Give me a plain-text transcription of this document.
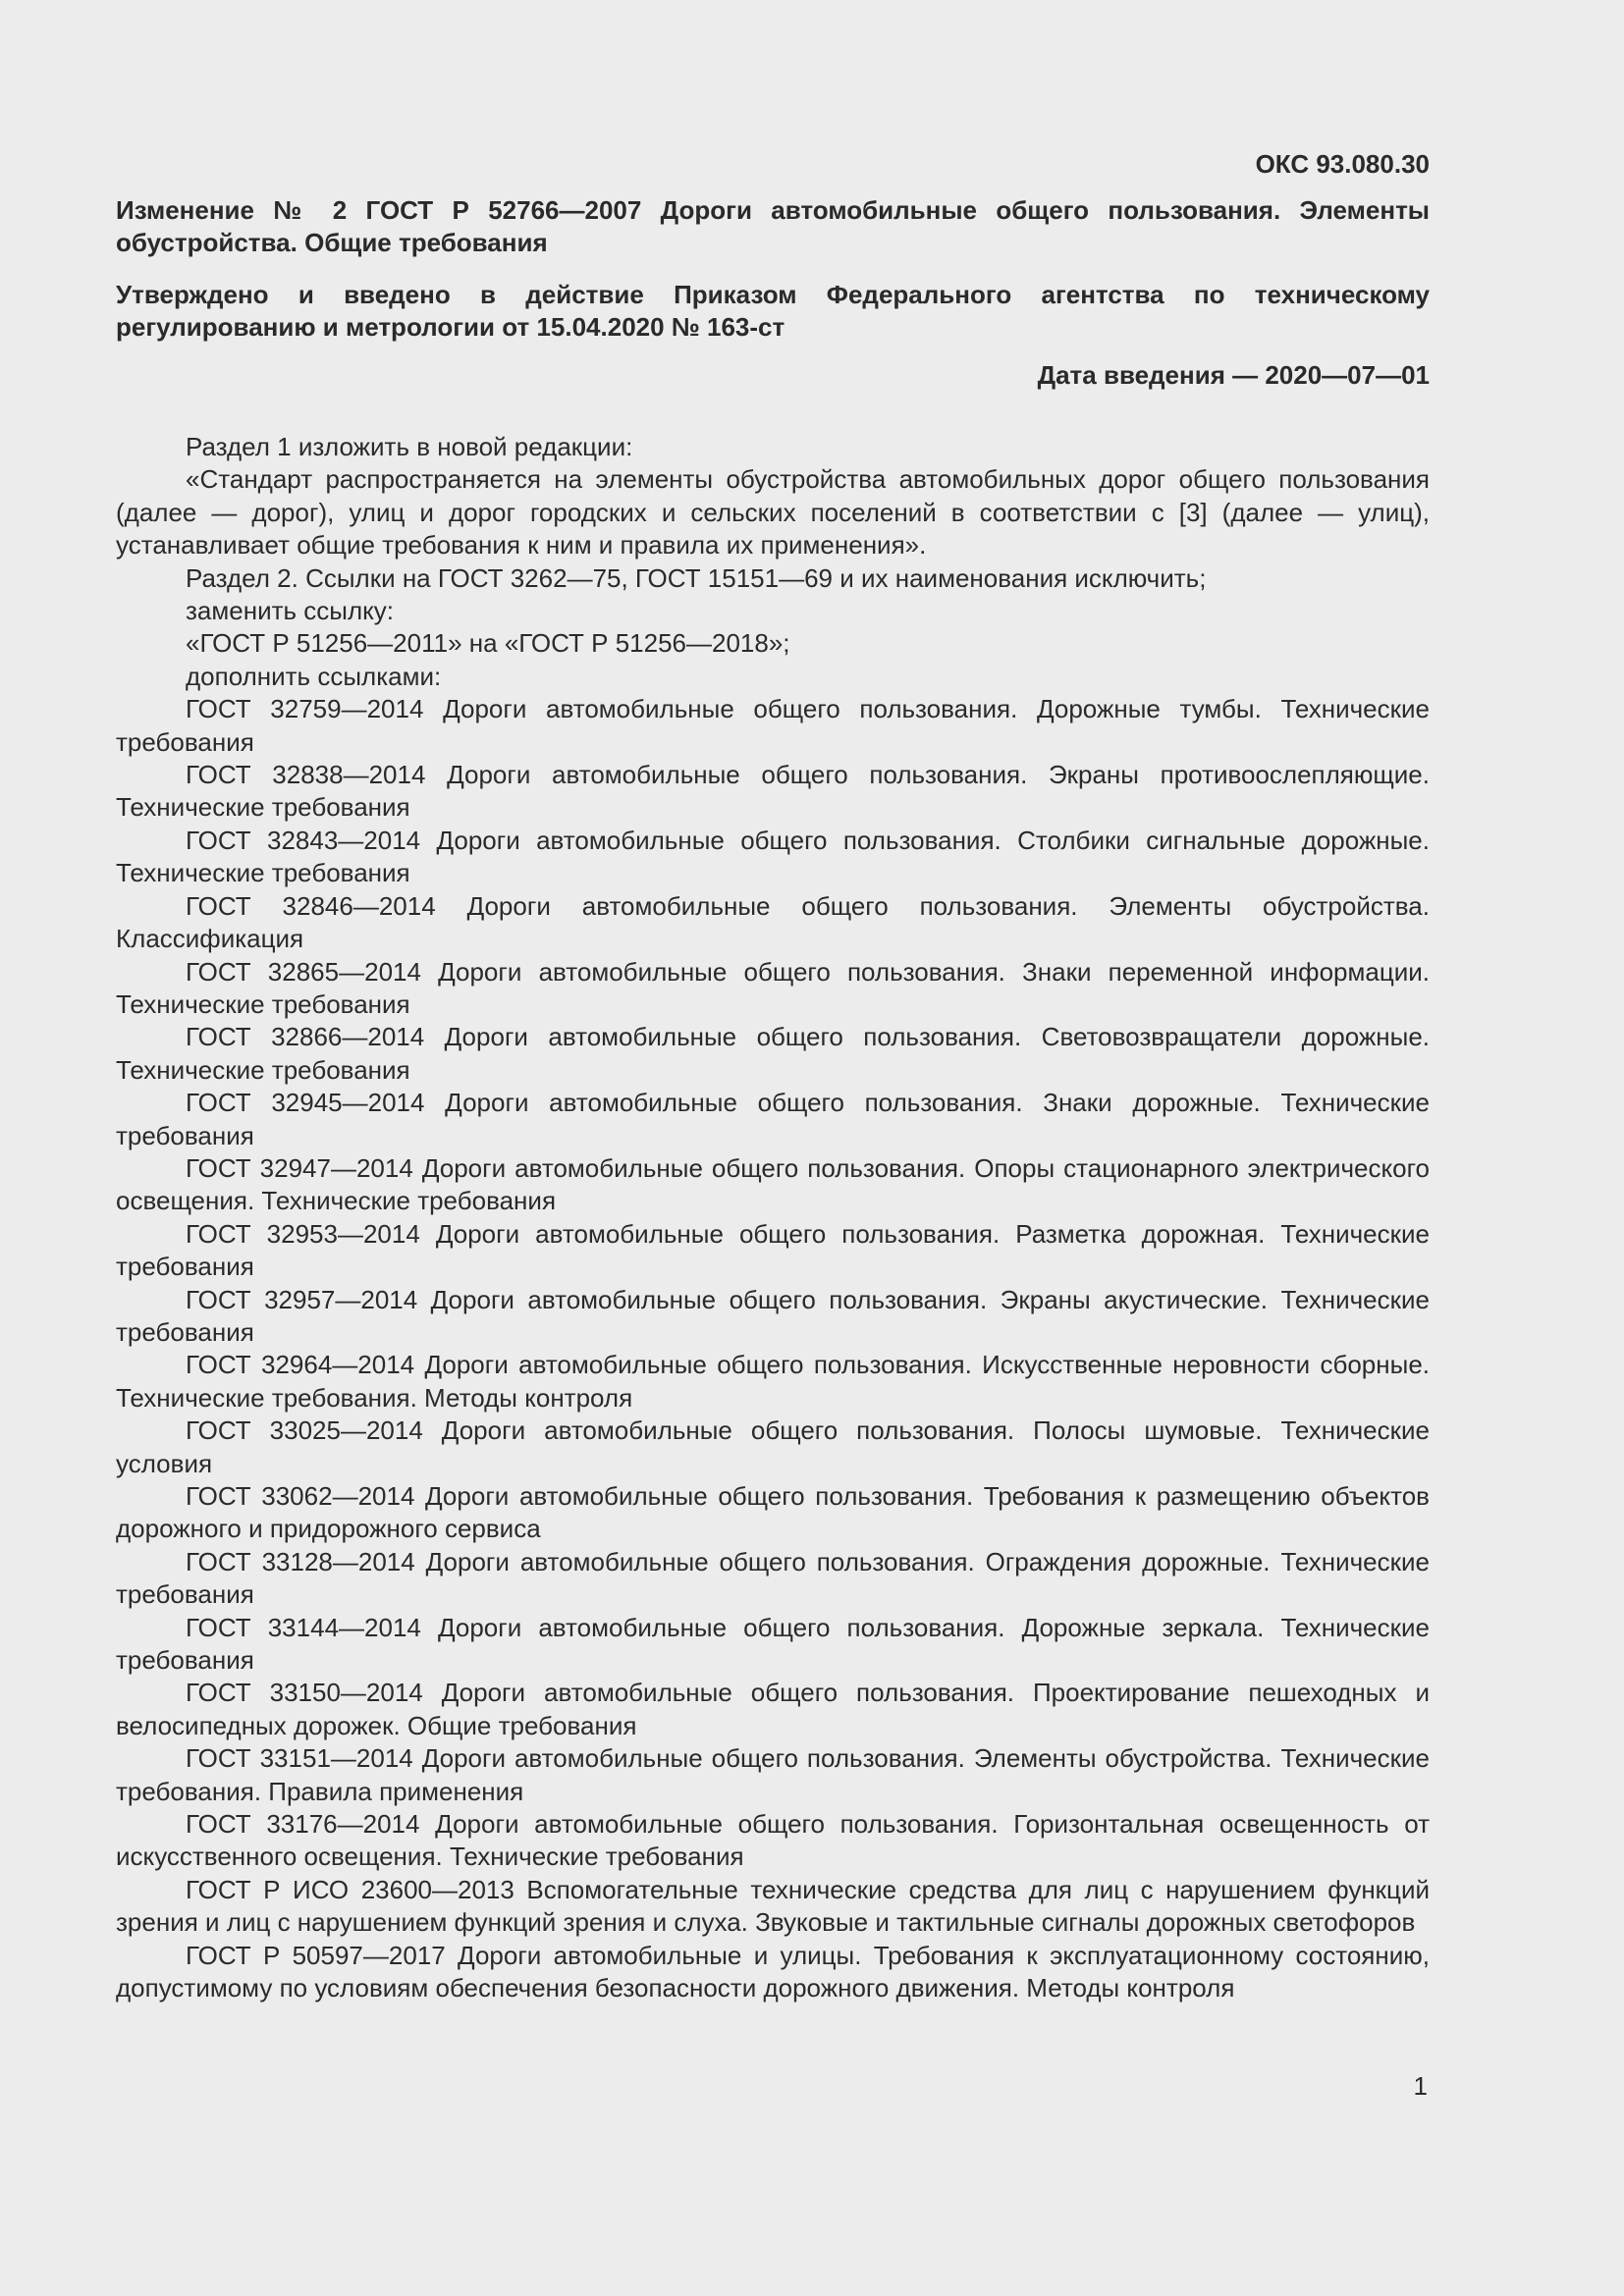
ОКС 93.080.30
Изменение № 2 ГОСТ Р 52766—2007 Дороги автомобильные общего пользования. Элементы обустройства. Общие требования
Утверждено и введено в действие Приказом Федерального агентства по техническому регулированию и метрологии от 15.04.2020 № 163-ст
Дата введения — 2020—07—01

Раздел 1 изложить в новой редакции:

«Стандарт распространяется на элементы обустройства автомобильных дорог общего пользования (далее — дорог), улиц и дорог городских и сельских поселений в соответствии с [3] (далее — улиц), устанавливает общие требования к ним и правила их применения».

Раздел 2. Ссылки на ГОСТ 3262—75, ГОСТ 15151—69 и их наименования исключить;

заменить ссылку:

«ГОСТ Р 51256—2011» на «ГОСТ Р 51256—2018»;

дополнить ссылками:

ГОСТ 32759—2014 Дороги автомобильные общего пользования. Дорожные тумбы. Технические требования

ГОСТ 32838—2014 Дороги автомобильные общего пользования. Экраны противоослепляющие. Технические требования

ГОСТ 32843—2014 Дороги автомобильные общего пользования. Столбики сигнальные дорожные. Технические требования

ГОСТ 32846—2014 Дороги автомобильные общего пользования. Элементы обустройства. Классификация

ГОСТ 32865—2014 Дороги автомобильные общего пользования. Знаки переменной информации. Технические требования

ГОСТ 32866—2014 Дороги автомобильные общего пользования. Световозвращатели дорожные. Технические требования

ГОСТ 32945—2014 Дороги автомобильные общего пользования. Знаки дорожные. Технические требования

ГОСТ 32947—2014 Дороги автомобильные общего пользования. Опоры стационарного электрического освещения. Технические требования

ГОСТ 32953—2014 Дороги автомобильные общего пользования. Разметка дорожная. Технические требования

ГОСТ 32957—2014 Дороги автомобильные общего пользования. Экраны акустические. Технические требования

ГОСТ 32964—2014 Дороги автомобильные общего пользования. Искусственные неровности сборные. Технические требования. Методы контроля

ГОСТ 33025—2014 Дороги автомобильные общего пользования. Полосы шумовые. Технические условия

ГОСТ 33062—2014 Дороги автомобильные общего пользования. Требования к размещению объектов дорожного и придорожного сервиса

ГОСТ 33128—2014 Дороги автомобильные общего пользования. Ограждения дорожные. Технические требования

ГОСТ 33144—2014 Дороги автомобильные общего пользования. Дорожные зеркала. Технические требования

ГОСТ 33150—2014 Дороги автомобильные общего пользования. Проектирование пешеходных и велосипедных дорожек. Общие требования

ГОСТ 33151—2014 Дороги автомобильные общего пользования. Элементы обустройства. Технические требования. Правила применения

ГОСТ 33176—2014 Дороги автомобильные общего пользования. Горизонтальная освещенность от искусственного освещения. Технические требования

ГОСТ Р ИСО 23600—2013 Вспомогательные технические средства для лиц с нарушением функций зрения и лиц с нарушением функций зрения и слуха. Звуковые и тактильные сигналы дорожных светофоров

ГОСТ Р 50597—2017 Дороги автомобильные и улицы. Требования к эксплуатационному состоянию, допустимому по условиям обеспечения безопасности дорожного движения. Методы контроля

1
